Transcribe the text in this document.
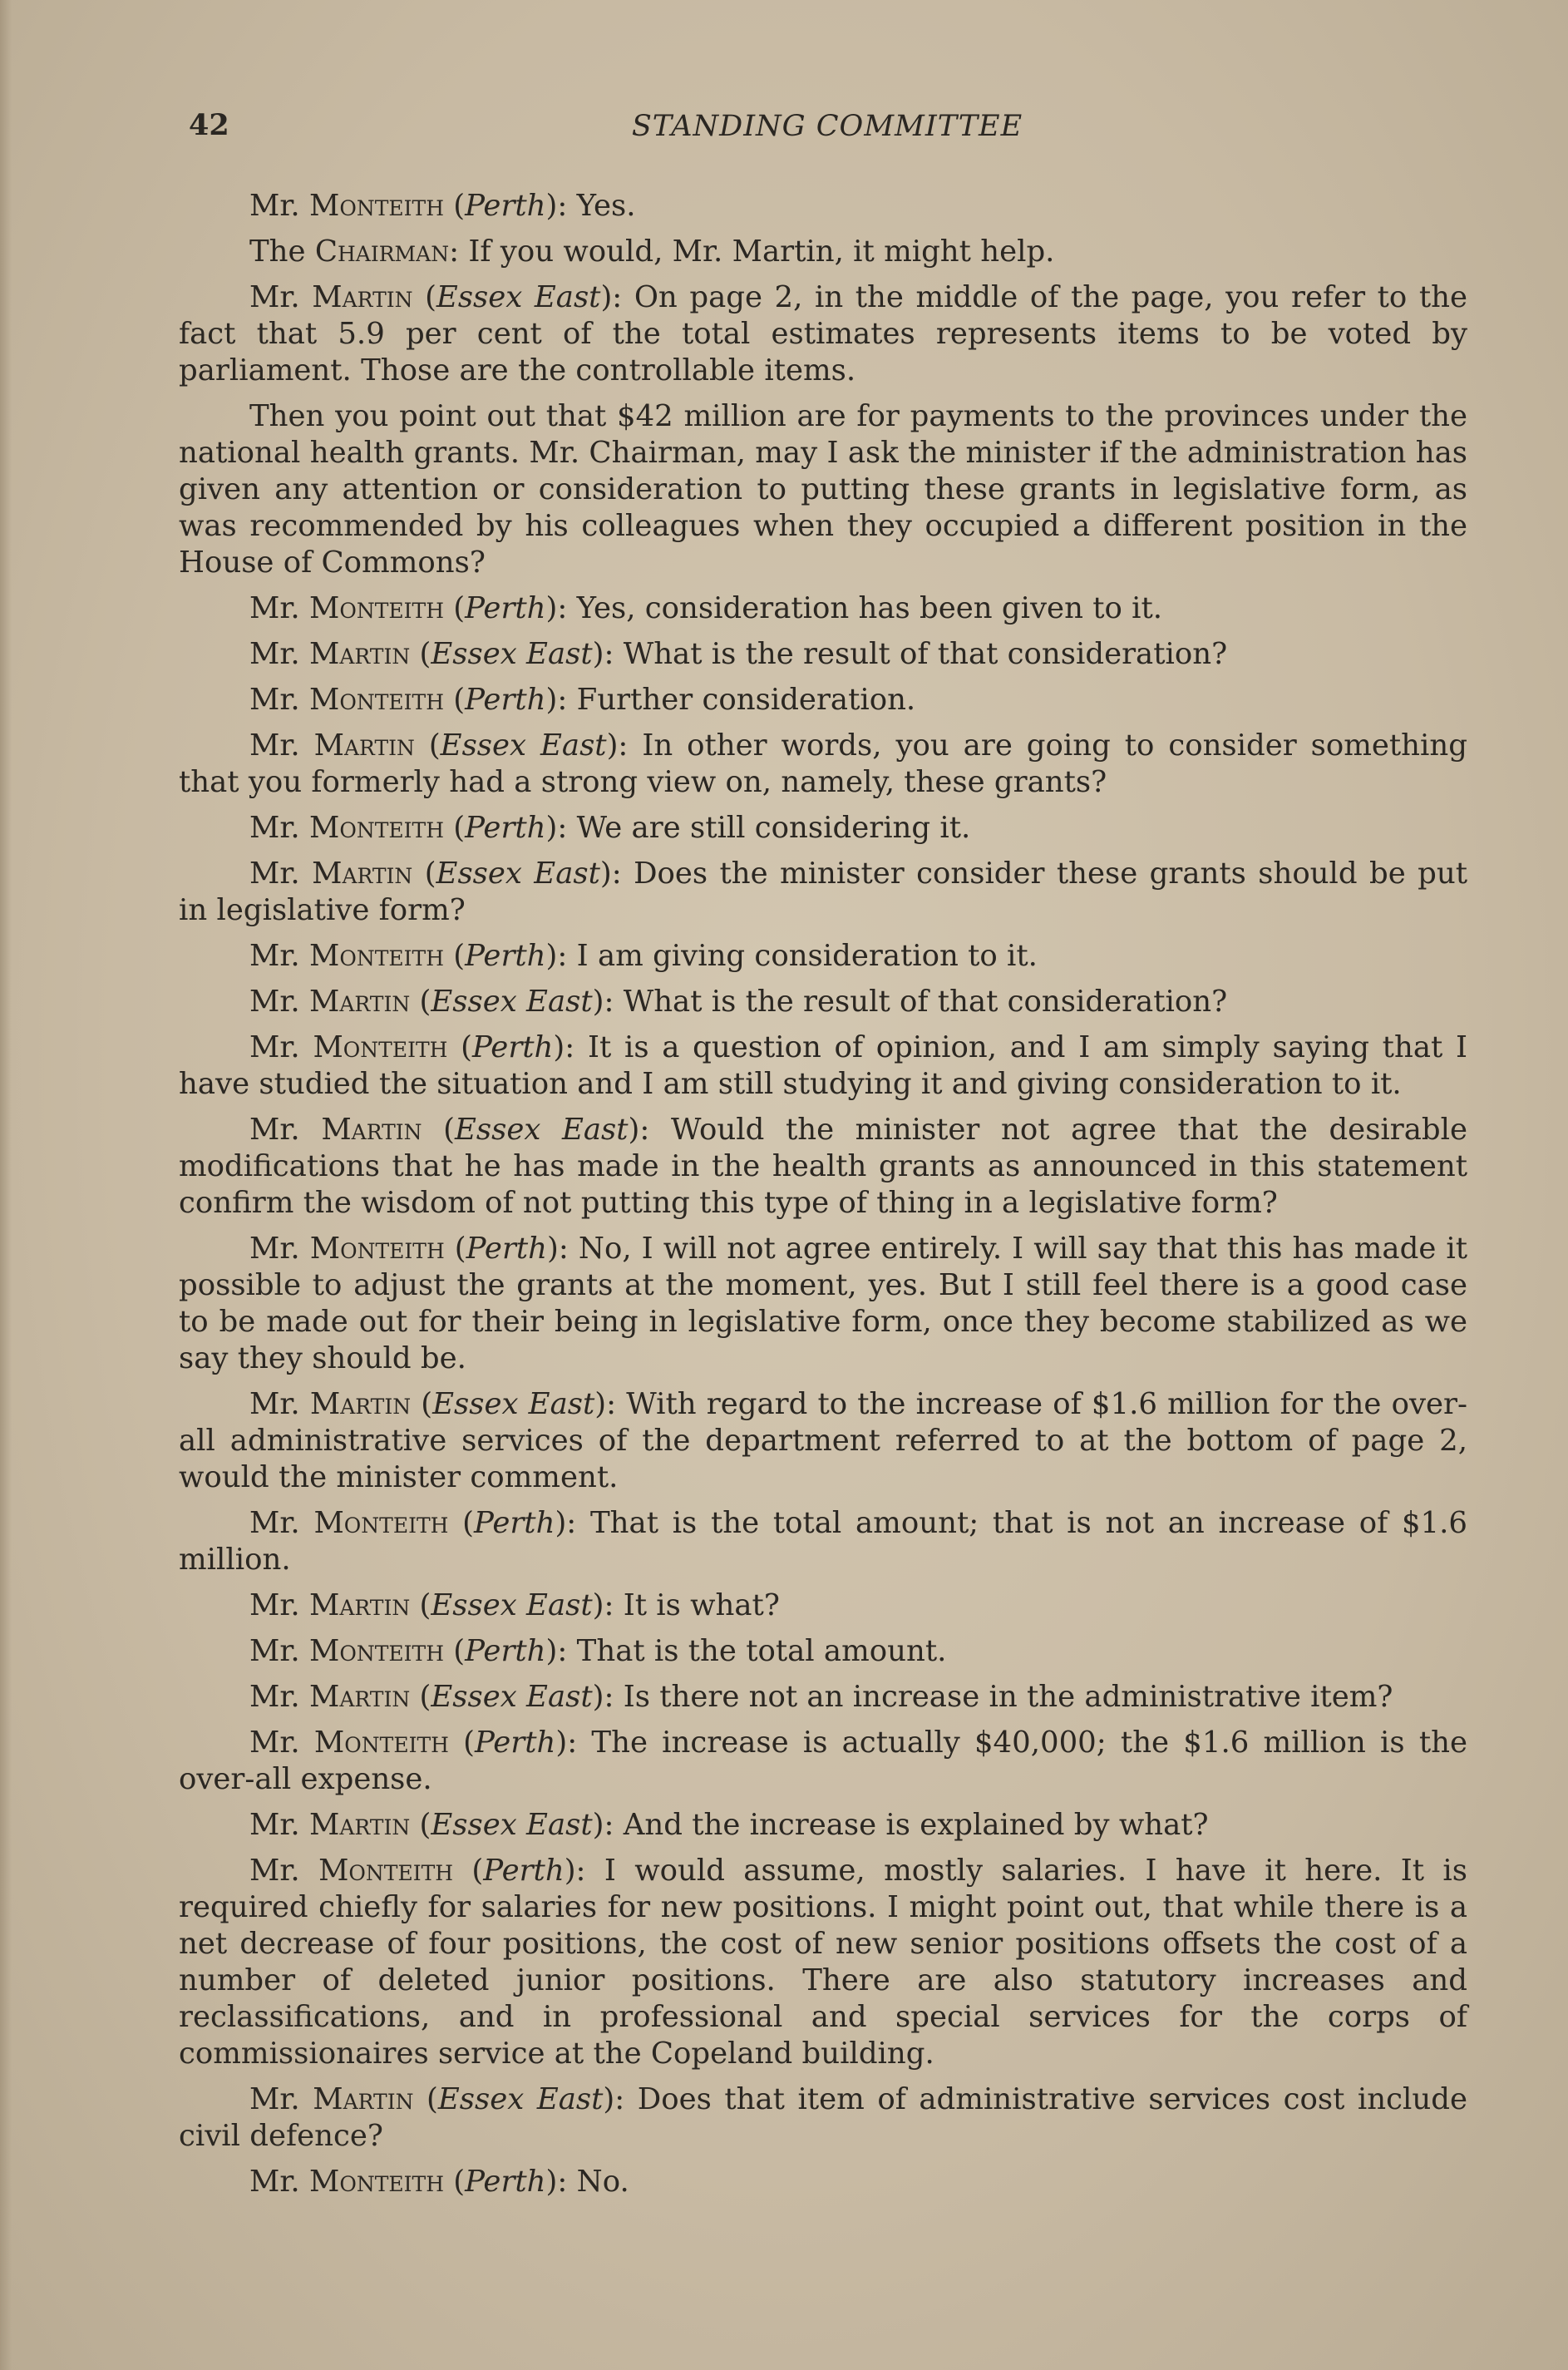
42	STANDING COMMITTEE

Mr. Monteith (Perth): Yes.

The Chairman: If you would, Mr. Martin, it might help.

Mr. Martin (Essex East): On page 2, in the middle of the page, you refer to the fact that 5.9 per cent of the total estimates represents items to be voted by parliament. Those are the controllable items.

Then you point out that $42 million are for payments to the provinces under the national health grants. Mr. Chairman, may I ask the minister if the administration has given any attention or consideration to putting these grants in legislative form, as was recommended by his colleagues when they occupied a different position in the House of Commons?

Mr. Monteith (Perth): Yes, consideration has been given to it.

Mr. Martin (Essex East): What is the result of that consideration?

Mr. Monteith (Perth): Further consideration.

Mr. Martin (Essex East): In other words, you are going to consider something that you formerly had a strong view on, namely, these grants?

Mr. Monteith (Perth): We are still considering it.

Mr. Martin (Essex East): Does the minister consider these grants should be put in legislative form?

Mr. Monteith (Perth): I am giving consideration to it.

Mr. Martin (Essex East): What is the result of that consideration?

Mr. Monteith (Perth): It is a question of opinion, and I am simply saying that I have studied the situation and I am still studying it and giving consideration to it.

Mr. Martin (Essex East): Would the minister not agree that the desirable modifications that he has made in the health grants as announced in this statement confirm the wisdom of not putting this type of thing in a legislative form?

Mr. Monteith (Perth): No, I will not agree entirely. I will say that this has made it possible to adjust the grants at the moment, yes. But I still feel there is a good case to be made out for their being in legislative form, once they become stabilized as we say they should be.

Mr. Martin (Essex East): With regard to the increase of $1.6 million for the over-all administrative services of the department referred to at the bottom of page 2, would the minister comment.

Mr. Monteith (Perth): That is the total amount; that is not an increase of $1.6 million.

Mr. Martin (Essex East): It is what?

Mr. Monteith (Perth): That is the total amount.

Mr. Martin (Essex East): Is there not an increase in the administrative item?

Mr. Monteith (Perth): The increase is actually $40,000; the $1.6 million is the over-all expense.

Mr. Martin (Essex East): And the increase is explained by what?

Mr. Monteith (Perth): I would assume, mostly salaries. I have it here. It is required chiefly for salaries for new positions. I might point out, that while there is a net decrease of four positions, the cost of new senior positions offsets the cost of a number of deleted junior positions. There are also statutory increases and reclassifications, and in professional and special services for the corps of commissionaires service at the Copeland building.

Mr. Martin (Essex East): Does that item of administrative services cost include civil defence?

Mr. Monteith (Perth): No.
